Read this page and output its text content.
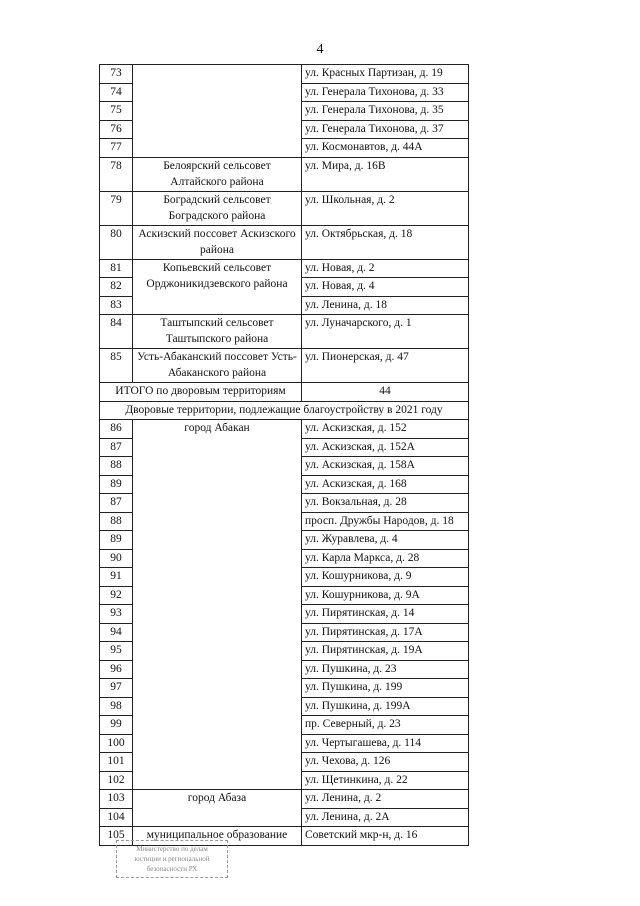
4
73		ул. Красных Партизан, д. 19
74		ул. Генерала Тихонова, д. 33
75		ул. Генерала Тихонова, д. 35
76		ул. Генерала Тихонова, д. 37
77		ул. Космонавтов, д. 44А
78	Белоярский сельсовет Алтайского района	ул. Мира, д. 16В
79	Боградский сельсовет Боградского района	ул. Школьная, д. 2
80	Аскизский поссовет Аскизского района	ул. Октябрьская, д. 18
81	Копьевский сельсовет Орджоникидзевского района	ул. Новая, д. 2
82		ул. Новая, д. 4
83		ул. Ленина, д. 18
84	Таштыпский сельсовет Таштыпского района	ул. Луначарского, д. 1
85	Усть-Абаканский поссовет Усть-Абаканского района	ул. Пионерская, д. 47
ИТОГО по дворовым территориям		44
Дворовые территории, подлежащие благоустройству в 2021 году		
86	город Абакан	ул. Аскизская, д. 152
87		ул. Аскизская, д. 152А
88		ул. Аскизская, д. 158А
89		ул. Аскизская, д. 168
87		ул. Вокзальная, д. 28
88		просп. Дружбы Народов, д. 18
89		ул. Журавлева, д. 4
90		ул. Карла Маркса, д. 28
91		ул. Кошурникова, д. 9
92		ул. Кошурникова, д. 9А
93		ул. Пирятинская, д. 14
94		ул. Пирятинская, д. 17А
95		ул. Пирятинская, д. 19А
96		ул. Пушкина, д. 23
97		ул. Пушкина, д. 199
98		ул. Пушкина, д. 199А
99		пр. Северный, д. 23
100		ул. Чертыгашева, д. 114
101		ул. Чехова, д. 126
102		ул. Щетинкина, д. 22
103	город Абаза	ул. Ленина, д. 2
104		ул. Ленина, д. 2А
105	муниципальное образование	Советский мкр-н, д. 16
Министерство по делам
юстиции и региональной
безопасности РХ
